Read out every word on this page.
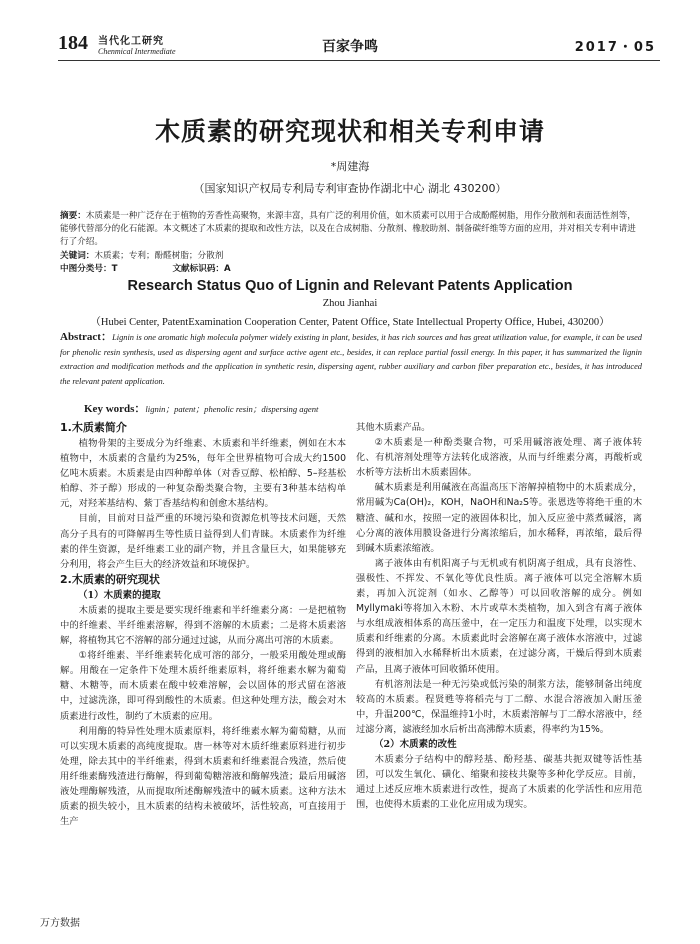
184 当代化工研究
Chenmical Intermediate	百家争鸣	2017・05
木质素的研究现状和相关专利申请
*周建海
（国家知识产权局专利局专利审查协作湖北中心 湖北 430200）
摘要：木质素是一种广泛存在于植物的芳香性高聚物，来源丰富，具有广泛的利用价值，如木质素可以用于合成酚醛树脂，用作分散剂和表面活性剂等，能够代替部分的化石能源。本文概述了木质素的提取和改性方法，以及在合成树脂、分散剂、橡胶助剂、制备碳纤维等方面的应用，并对相关专利申请进行了介绍。
关键词：木质素；专利；酚醛树脂；分散剂
中图分类号：T	文献标识码：A
Research Status Quo of Lignin and Relevant Patents Application
Zhou Jianhai
（Hubei Center, PatentExamination Cooperation Center, Patent Office, State Intellectual Property Office, Hubei, 430200）
Abstract：Lignin is one aromatic high molecula polymer widely existing in plant, besides, it has rich sources and has great utilization value, for example, it can be used for phenolic resin synthesis, used as dispersing agent and surface active agent etc., besides, it can replace partial fossil energy. In this paper, it has summarized the lignin extraction and modification methods and the application in synthetic resin, dispersing agent, rubber auxiliary and carbon fiber preparation etc., besides, it has introduced the relevant patent application.
Key words：lignin；patent；phenolic resin；dispersing agent
1.木质素简介

植物骨架的主要成分为纤维素、木质素和半纤维素，例如在木本植物中，木质素的含量约为25%，每年全世界植物可合成大约1500亿吨木质素。木质素是由四种醇单体（对香豆醇、松柏醇、5–羟基松柏醇、芥子醇）形成的一种复杂酚类聚合物，主要有3种基本结构单元，对羟苯基结构、紫丁香基结构和创愈木基结构。

目前，目前对日益严重的环境污染和资源危机等技术问题，天然高分子具有的可降解再生等性质日益得到人们青睐。木质素作为纤维素的伴生资源，是纤维素工业的副产物，并且含量巨大，如果能够充分利用，将会产生巨大的经济效益和环境保护。

2.木质素的研究现状
（1）木质素的提取

木质素的提取主要是要实现纤维素和半纤维素分离：一是把植物中的纤维素、半纤维素溶解，得到不溶解的木质素；二是将木质素溶解，将植物其它不溶解的部分通过过滤，从而分离出可溶的木质素。

①将纤维素、半纤维素转化成可溶的部分，一般采用酸处理或酶解。用酸在一定条件下处理木质纤维素原料，将纤维素水解为葡萄糖、木糖等，而木质素在酸中较难溶解，会以固体的形式留在溶液中，过滤洗涤，即可得到酸性的木质素。但这种处理方法，酸会对木质素进行改性，制约了木质素的应用。

利用酶的特异性处理木质素原料，将纤维素水解为葡萄糖，从而可以实现木质素的高纯度提取。唐一林等对木质纤维素原料进行初步处理，除去其中的半纤维素，得到木质素和纤维素混合残渣，然后使用纤维素酶残渣进行酶解，得到葡萄糖溶液和酶解残渣；最后用碱溶液处理酶解残渣，从而提取所述酶解残渣中的碱木质素。这种方法木质素的损失较小，且木质素的结构未被破坏，活性较高，可直接用于生产

其他木质素产品。

②木质素是一种酚类聚合物，可采用碱溶液处理、离子液体转化、有机溶剂处理等方法转化成溶液，从而与纤维素分离，再酸析或水析等方法析出木质素固体。

碱木质素是利用碱液在高温高压下溶解掉植物中的木质素成分，常用碱为Ca(OH)₂，KOH，NaOH和Na₂S等。张恩选等将绝干重的木糖渣、碱和水，按照一定的液固体积比，加入反应釜中蒸煮碱溶，离心分离的液体用膜设备进行分离浓缩后，加水稀释，再浓缩，最后得到碱木质素浓缩液。

离子液体由有机阳离子与无机或有机阴离子组成，具有良溶性、强极性、不挥发、不氧化等优良性质。离子液体可以完全溶解木质素，再加入沉淀剂（如水、乙醇等）可以回收溶解的成分。例如Myllymaki等将加入木粉、木片或草木类植物，加入到含有离子液体与水组成液相体系的高压釜中，在一定压力和温度下处理，以实现木质素和纤维素的分离。木质素此时会溶解在离子液体水溶液中，过滤得到的液相加入水稀释析出木质素，在过滤分离，干燥后得到木质素产品，且离子液体可回收循环使用。

有机溶剂法是一种无污染或低污染的制浆方法，能够制备出纯度较高的木质素。程贤甦等将稻壳与丁二醇、水混合溶液加入耐压釜中，升温200℃，保温维持1小时，木质素溶解与丁二醇水溶液中，经过滤分离，滤液经加水后析出高沸醇木质素，得率约为15%。

（2）木质素的改性

木质素分子结构中的醇羟基、酚羟基、碳基共扼双键等活性基团，可以发生氧化、磺化、缩聚和接枝共聚等多种化学反应。目前，通过上述反应堆木质素进行改性，提高了木质素的化学活性和应用范围，也使得木质素的工业化应用成为现实。

万方数据
